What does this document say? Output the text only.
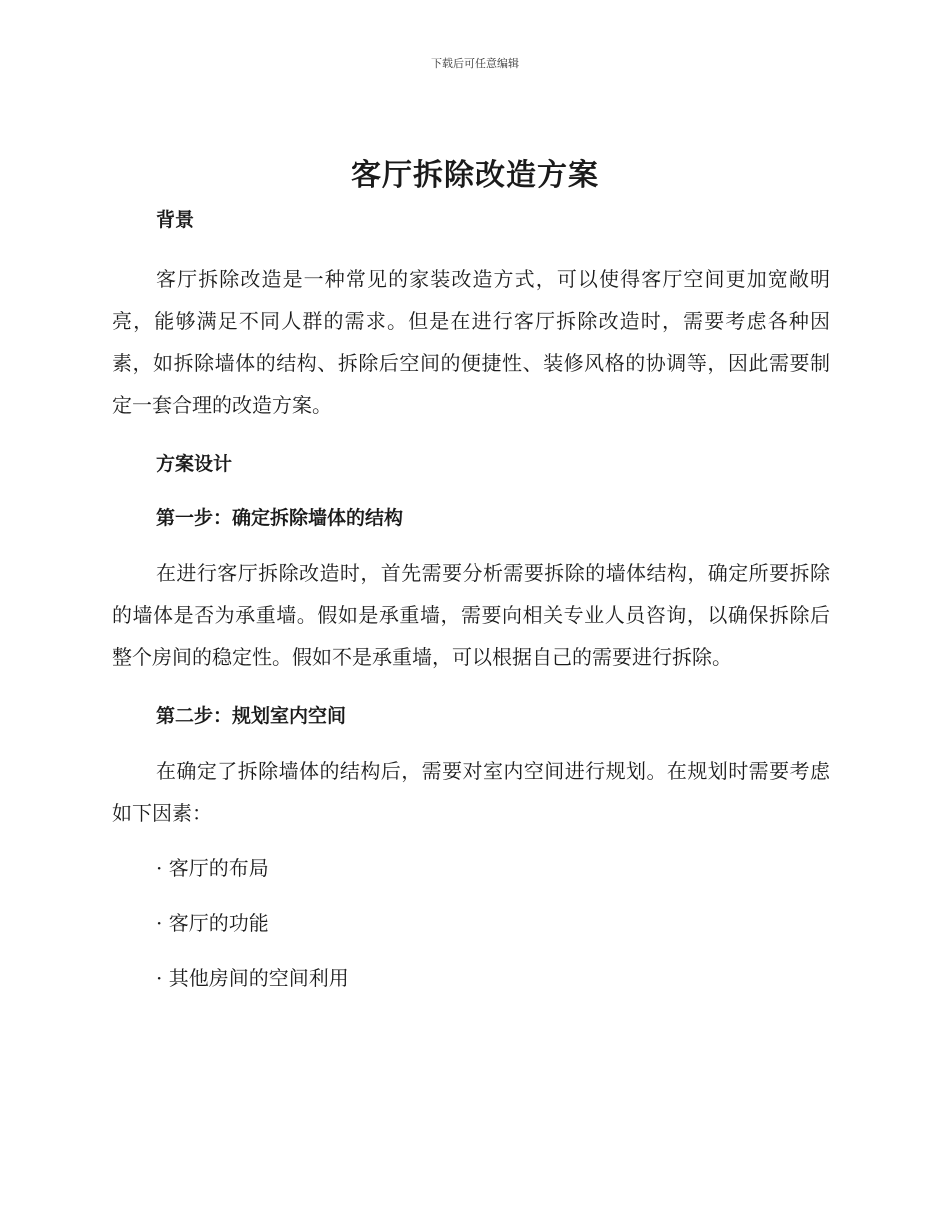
下载后可任意编辑
客厅拆除改造方案
背景

客厅拆除改造是一种常见的家装改造方式，可以使得客厅空间更加宽敞明亮，能够满足不同人群的需求。但是在进行客厅拆除改造时，需要考虑各种因素，如拆除墙体的结构、拆除后空间的便捷性、装修风格的协调等，因此需要制定一套合理的改造方案。

方案设计
第一步：确定拆除墙体的结构

在进行客厅拆除改造时，首先需要分析需要拆除的墙体结构，确定所要拆除的墙体是否为承重墙。假如是承重墙，需要向相关专业人员咨询，以确保拆除后整个房间的稳定性。假如不是承重墙，可以根据自己的需要进行拆除。

第二步：规划室内空间

在确定了拆除墙体的结构后，需要对室内空间进行规划。在规划时需要考虑如下因素：

· 客厅的布局
· 客厅的功能
· 其他房间的空间利用
